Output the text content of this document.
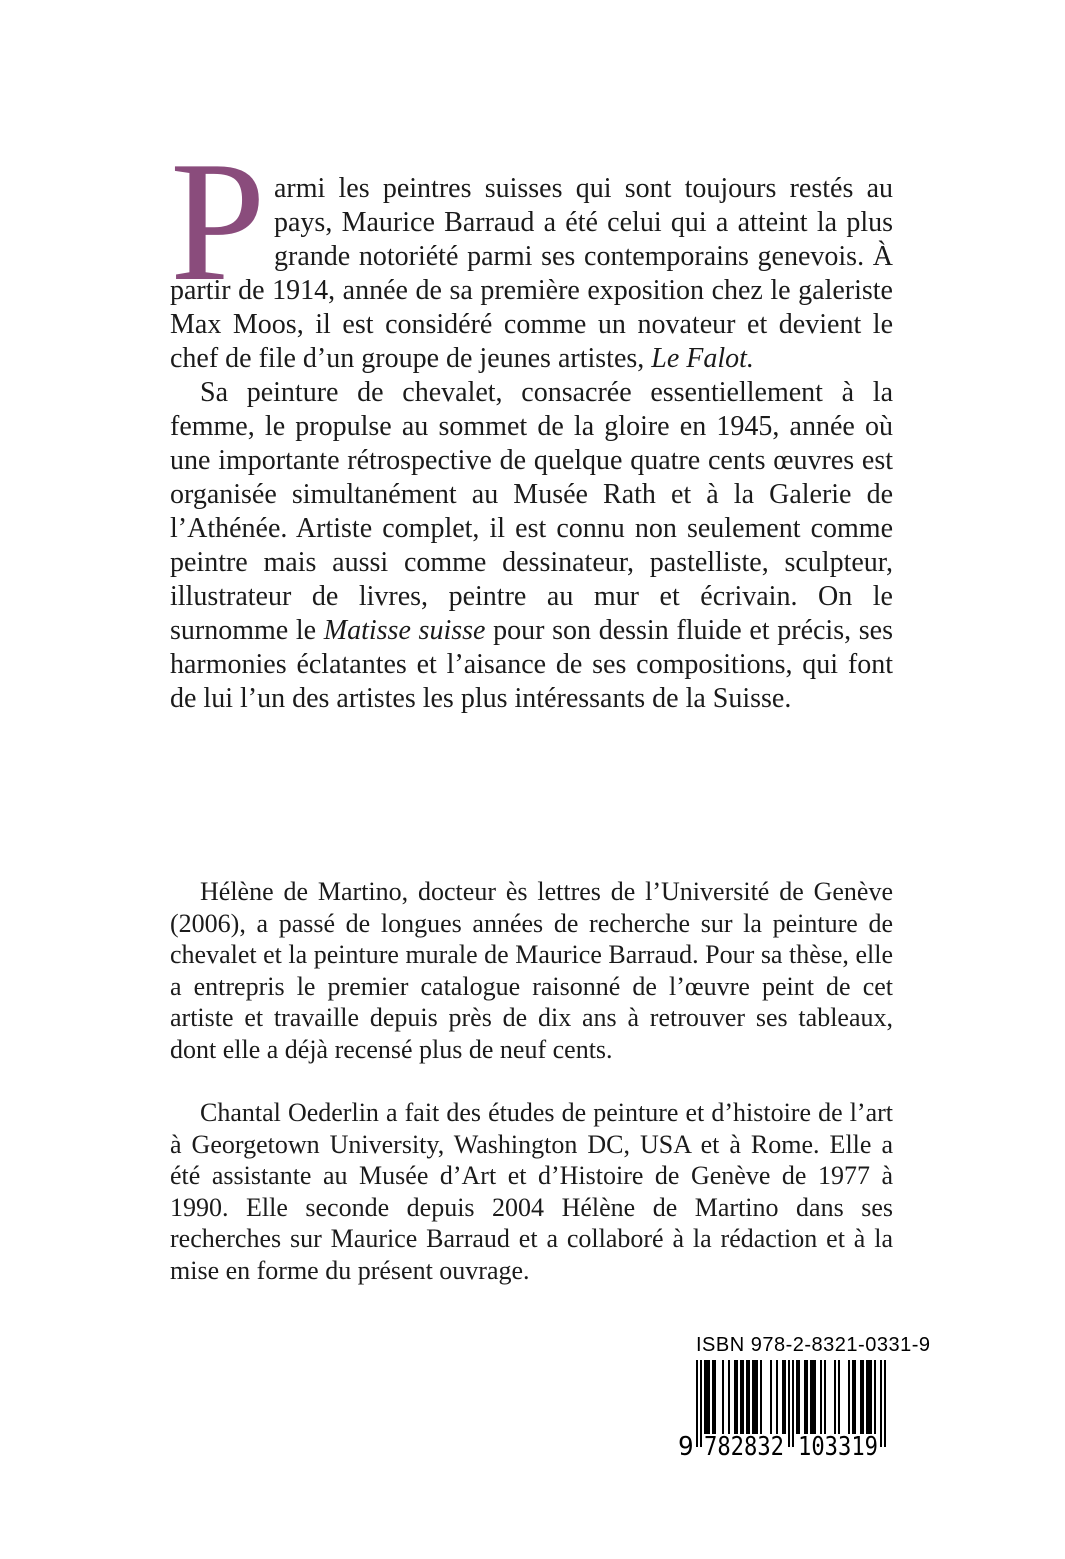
P armi les peintres suisses qui sont toujours restés au pays, Maurice Barraud a été celui qui a atteint la plus grande notoriété parmi ses contemporains genevois. À partir de 1914, année de sa première exposition chez le galeriste Max Moos, il est considéré comme un novateur et devient le chef de file d’un groupe de jeunes artistes, Le Falot.

Sa peinture de chevalet, consacrée essentiellement à la femme, le propulse au sommet de la gloire en 1945, année où une importante rétrospective de quelque quatre cents œuvres est organisée simultanément au Musée Rath et à la Galerie de l’Athénée. Artiste complet, il est connu non seulement comme peintre mais aussi comme dessinateur, pastelliste, sculpteur, illustrateur de livres, peintre au mur et écrivain. On le surnomme le Matisse suisse pour son dessin fluide et précis, ses harmonies éclatantes et l’aisance de ses compositions, qui font de lui l’un des artistes les plus intéressants de la Suisse.

Hélène de Martino, docteur ès lettres de l’Université de Genève (2006), a passé de longues années de recherche sur la peinture de chevalet et la peinture murale de Maurice Barraud. Pour sa thèse, elle a entrepris le premier catalogue raisonné de l’œuvre peint de cet artiste et travaille depuis près de dix ans à retrouver ses tableaux, dont elle a déjà recensé plus de neuf cents.

Chantal Oederlin a fait des études de peinture et d’histoire de l’art à Georgetown University, Washington DC, USA et à Rome. Elle a été assistante au Musée d’Art et d’Histoire de Genève de 1977 à 1990. Elle seconde depuis 2004 Hélène de Martino dans ses recherches sur Maurice Barraud et a collaboré à la rédaction et à la mise en forme du présent ouvrage.

ISBN 978-2-8321-0331-9
9 782832 103319
